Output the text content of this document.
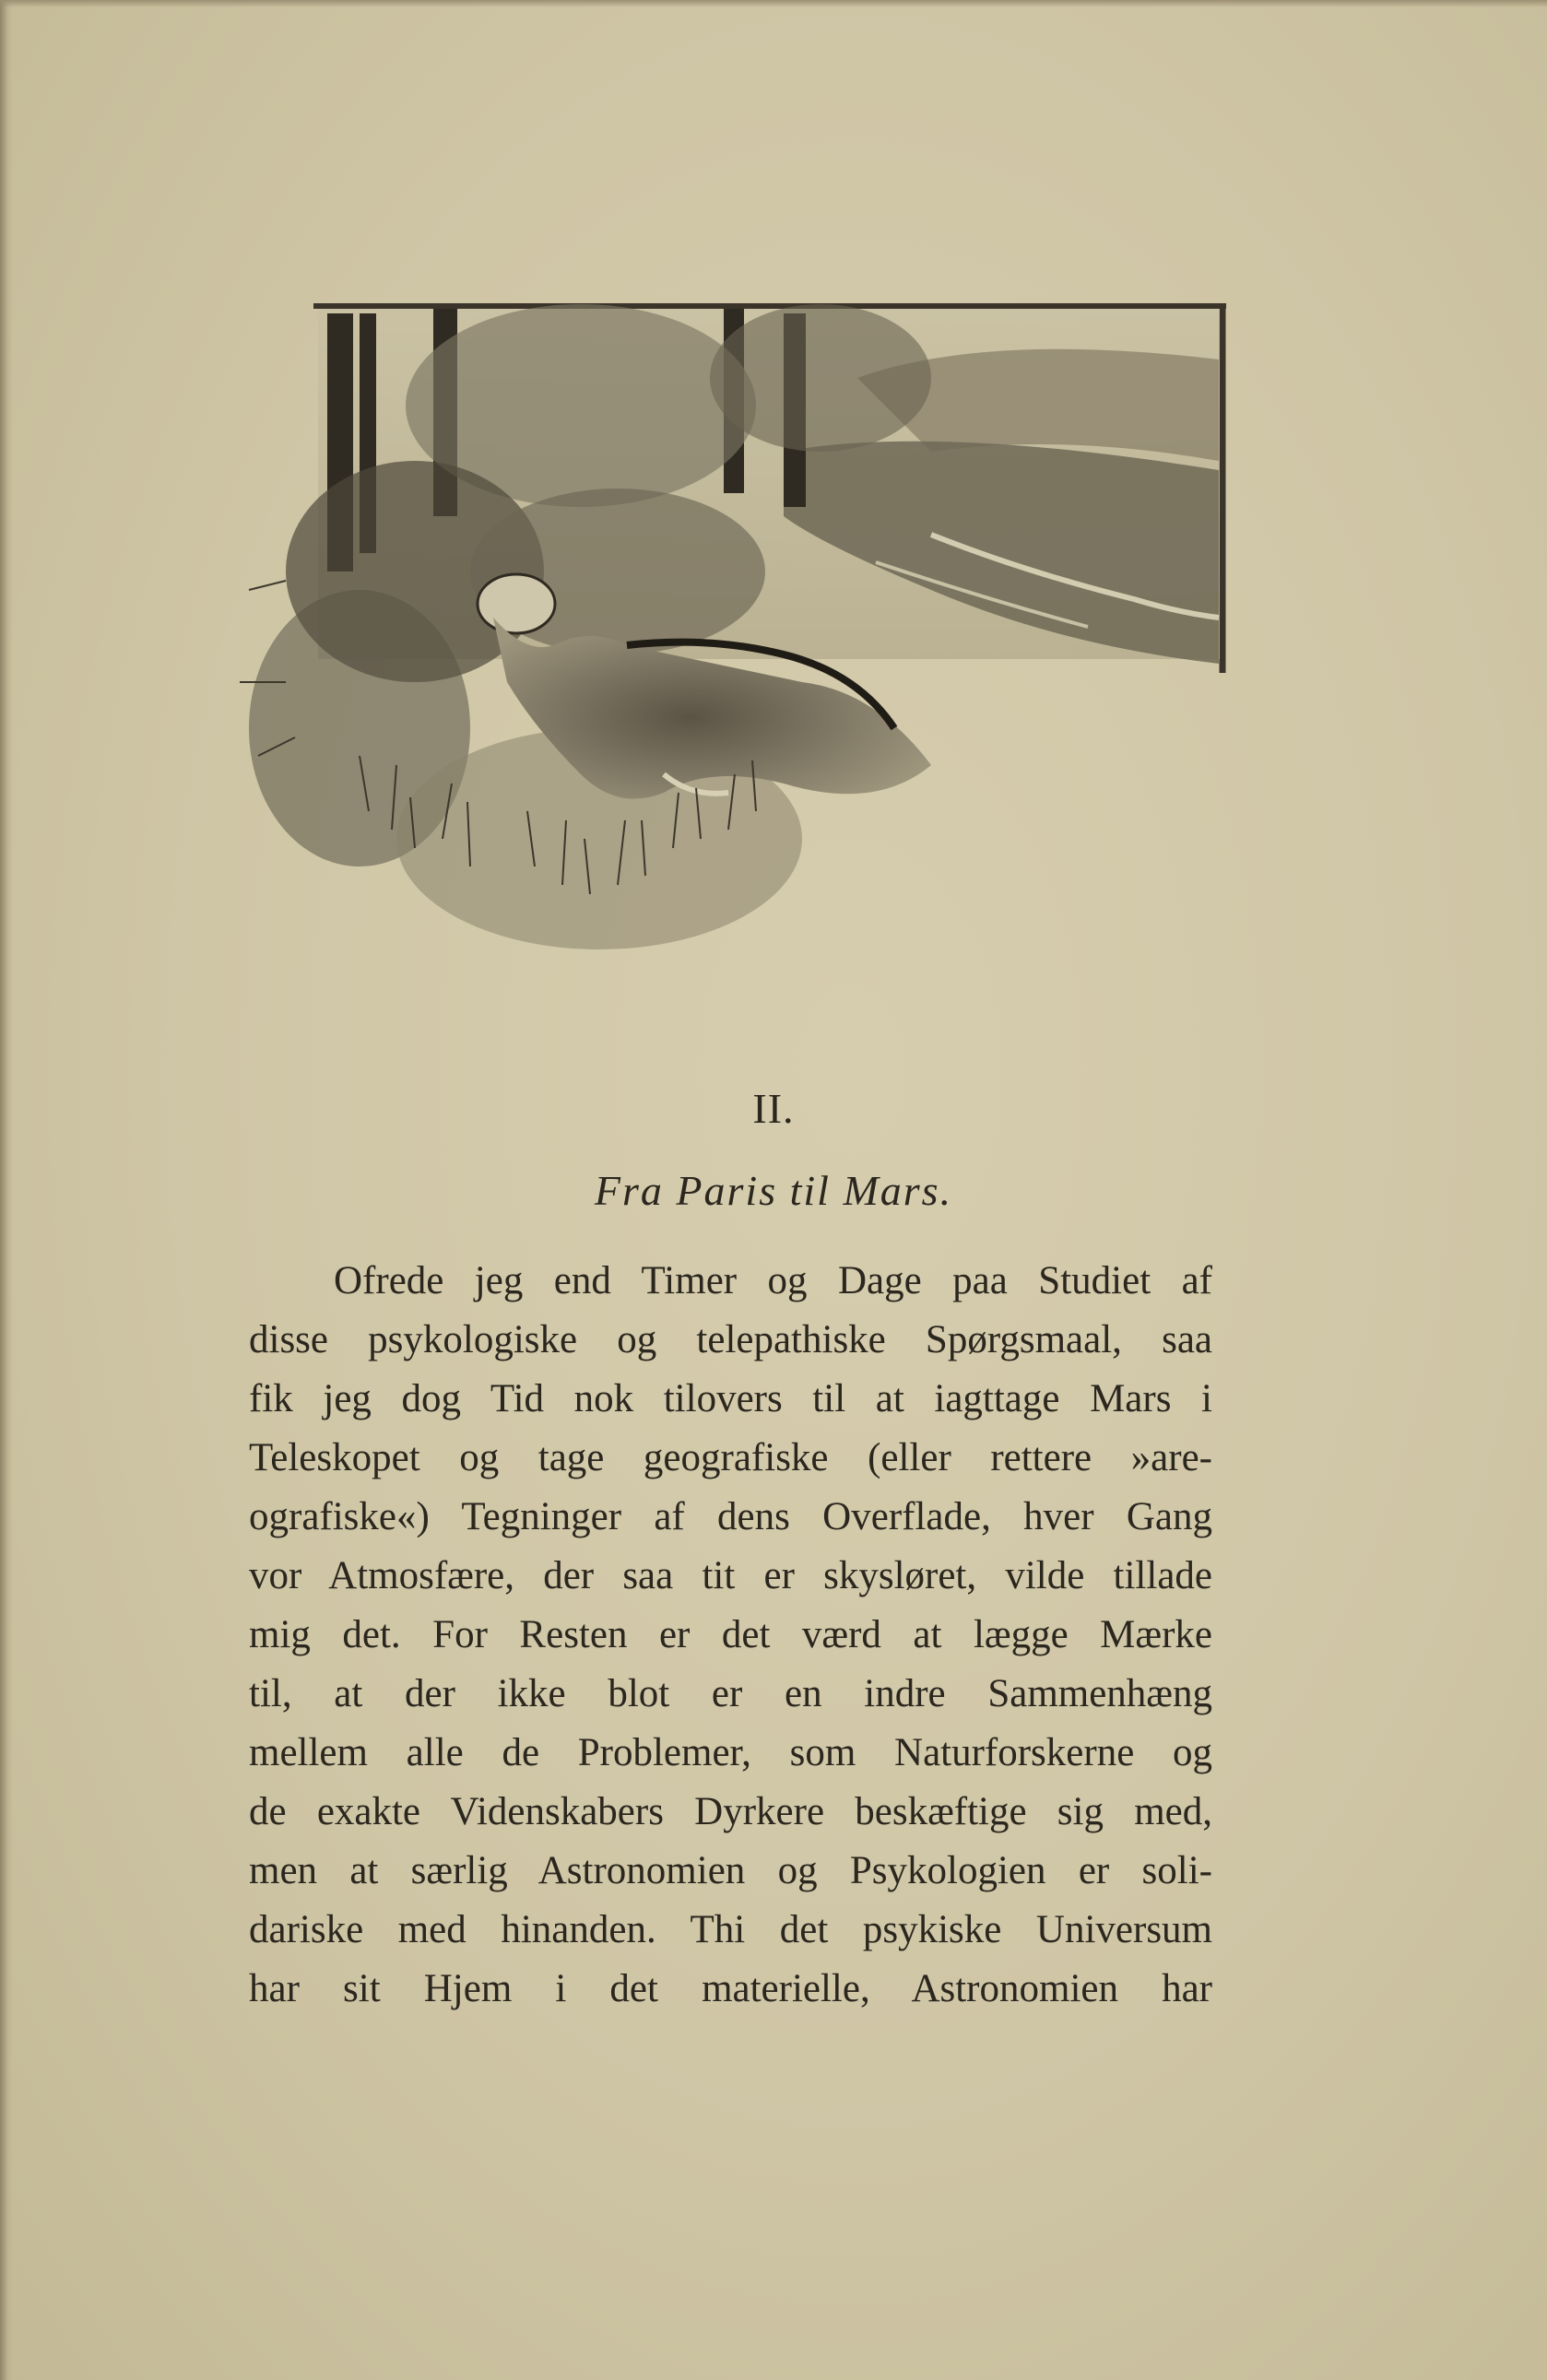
II.
Fra Paris til Mars.
Ofrede jeg end Timer og Dage paa Studiet af
disse psykologiske og telepathiske Spørgsmaal, saa
fik jeg dog Tid nok tilovers til at iagttage Mars i
Teleskopet og tage geografiske (eller rettere »are-
ografiske«) Tegninger af dens Overflade, hver Gang
vor Atmosfære, der saa tit er skysløret, vilde tillade
mig det. For Resten er det værd at lægge Mærke
til, at der ikke blot er en indre Sammenhæng
mellem alle de Problemer, som Naturforskerne og
de exakte Videnskabers Dyrkere beskæftige sig med,
men at særlig Astronomien og Psykologien er soli-
dariske med hinanden. Thi det psykiske Universum
har sit Hjem i det materielle, Astronomien har
